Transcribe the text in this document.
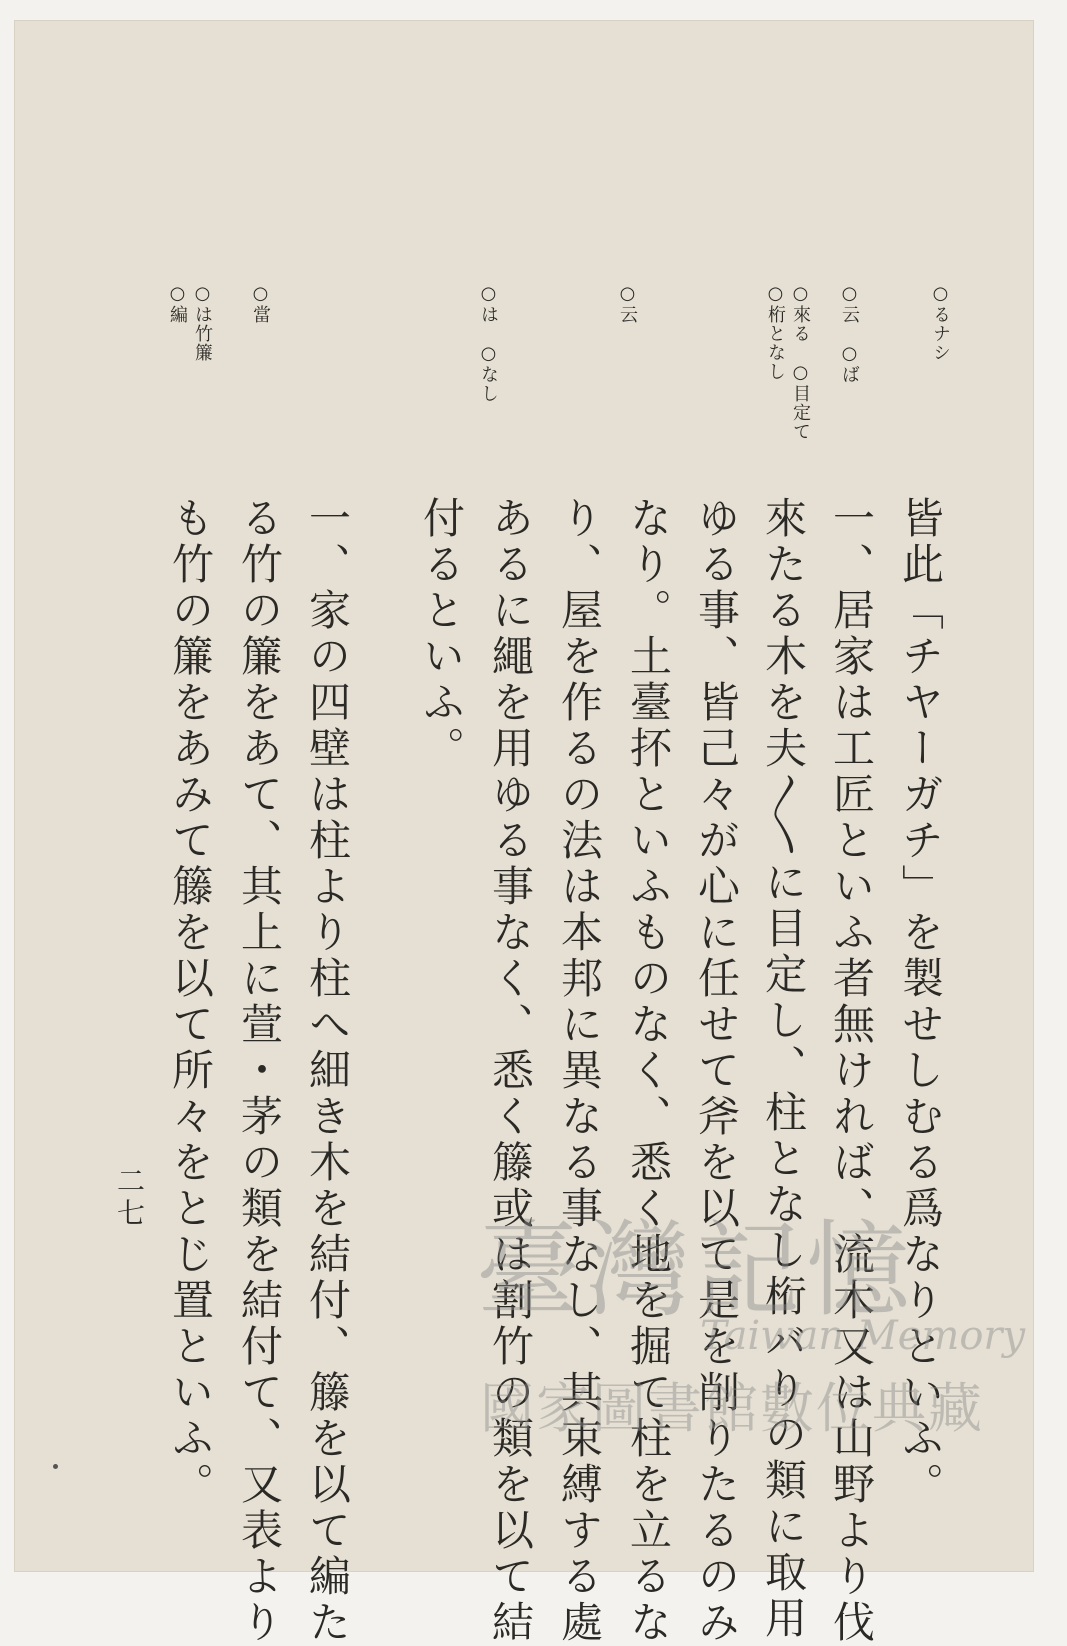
○るナシ
○云　○ば
○來る　○目定て
○桁となし
○云
○は　○なし
○當
○は竹簾
○編
皆此「チヤーガチ」を製せしむる爲なりといふ。
一、居家は工匠といふ者無ければ、流木又は山野より伐
來たる木を夫〳〵に目定し、柱となし桁バりの類に取用
ゆる事、皆己々が心に任せて斧を以て是を削りたるのみ
なり。土臺抔といふものなく、悉く地を掘て柱を立るな
り、屋を作るの法は本邦に異なる事なし、其束縛する處
あるに繩を用ゆる事なく、悉く籐或は割竹の類を以て結
付るといふ。
一、家の四壁は柱より柱へ細き木を結付、籐を以て編た
る竹の簾をあて、其上に萱・茅の類を結付て、又表より
も竹の簾をあみて籐を以て所々をとじ置といふ。
二七
臺灣記憶
Taiwan Memory
國家圖書館數位典藏
